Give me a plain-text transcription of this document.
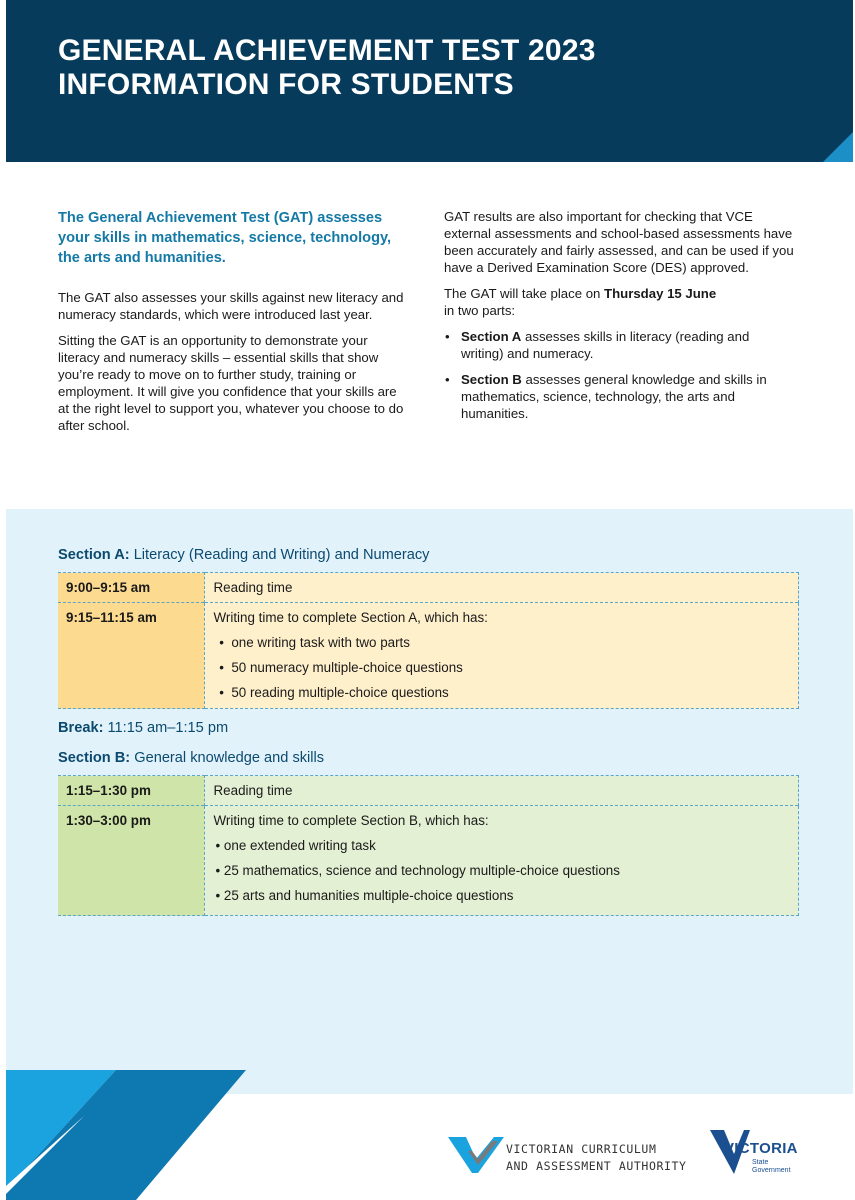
GENERAL ACHIEVEMENT TEST 2023
INFORMATION FOR STUDENTS

The General Achievement Test (GAT) assesses your skills in mathematics, science, technology, the arts and humanities.

The GAT also assesses your skills against new literacy and numeracy standards, which were introduced last year.

Sitting the GAT is an opportunity to demonstrate your literacy and numeracy skills – essential skills that show you’re ready to move on to further study, training or employment. It will give you confidence that your skills are at the right level to support you, whatever you choose to do after school.

GAT results are also important for checking that VCE external assessments and school-based assessments have been accurately and fairly assessed, and can be used if you have a Derived Examination Score (DES) approved.

The GAT will take place on Thursday 15 June
in two parts:

• Section A assesses skills in literacy (reading and writing) and numeracy.
• Section B assesses general knowledge and skills in mathematics, science, technology, the arts and humanities.
Section A: Literacy (Reading and Writing) and Numeracy
9:00–9:15 am	Reading time
9:15–11:15 am	Writing time to complete Section A, which has:
•  one writing task with two parts
•  50 numeracy multiple-choice questions
•  50 reading multiple-choice questions
Break: 11:15 am–1:15 pm
Section B: General knowledge and skills
1:15–1:30 pm	Reading time
1:30–3:00 pm	Writing time to complete Section B, which has:
• one extended writing task
• 25 mathematics, science and technology multiple-choice questions
• 25 arts and humanities multiple-choice questions
VICTORIAN CURRICULUM
AND ASSESSMENT AUTHORITY
VICTORIA
State
Government
